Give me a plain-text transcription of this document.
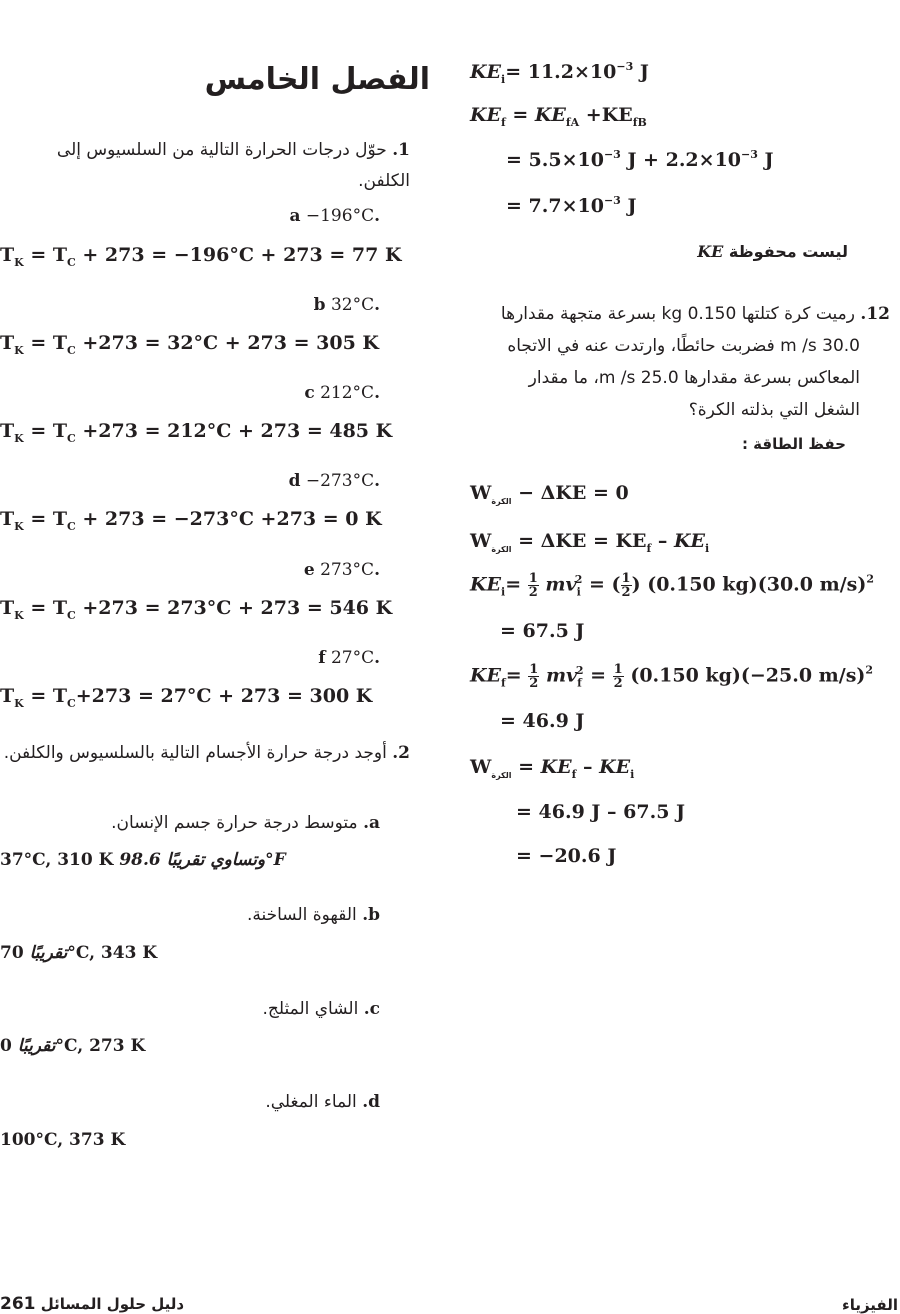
الفصل الخامس
1. حوّل درجات الحرارة التالية من السلسيوس إلى الكلفن.
.a −196°C
$T_K = T_C + 273 = -196^\circ C + 273 = 77$ K
.b 32°C
$T_K = T_C +273 = 32^\circ C + 273 = 305$ K
.c 212°C
$T_K = T_C +273 = 212^\circ C + 273 = 485$ K
.d −273°C
$T_K = T_C + 273 = -273^\circ C +273 = 0$ K
.e 273°C
$T_K = T_C +273 = 273^\circ C + 273 = 546$ K
.f 27°C
$T_K = T_C+273 = 27^\circ C + 273 = 300$ K
2. أوجد درجة حرارة الأجسام التالية بالسلسيوس والكلفن.
a. متوسط درجة حرارة جسم الإنسان.
37°C, 310 K	وتساوي تقريبًا 98.6°F
b. القهوة الساخنة.
تقريبًا 70°C, 343 K
c. الشاي المثلج.
تقريبًا 0°C, 273 K
d. الماء المغلي.
100°C, 373 K
$KE_i= 11.2\times 10^{-3}$ J
$KE_f = KE_{fA} +KE_{fB}$
= $5.5\times 10^{-3}$ $J + 2.2\times 10^{-3}$ J
= $7.7\times 10^{-3}$ J
ليست محفوظة KE
12. رميت كرة كتلتها 0.150 kg بسرعة متجهة مقدارها
30.0 m /s فضربت حائطًا، وارتدت عنه في الاتجاه
المعاكس بسرعة مقدارها 25.0 m /s، ما مقدار
الشغل التي بذلته الكرة؟
حفظ الطاقة :
$W_{الكرة} - \Delta KE = 0$
$W_{الكرة} = \Delta KE = KE_f - KE_i$
$KE_i= \frac{1}{2} mv_i^2$ = ( $\frac{1}{2}$ ) (0.150 kg)(30.0 m/s)$^2$
= 67.5 J
$KE_f= \frac{1}{2} mv_f^2 = \frac{1}{2} (0.150$ kg)(−25.0 m/s)$^2$
= 46.9 J
$W_{الكرة} = KE_f - KE_i$
= 46.9 J – 67.5 J
= −20.6 J
261 دليل حلول المسائل	الفيزياء
